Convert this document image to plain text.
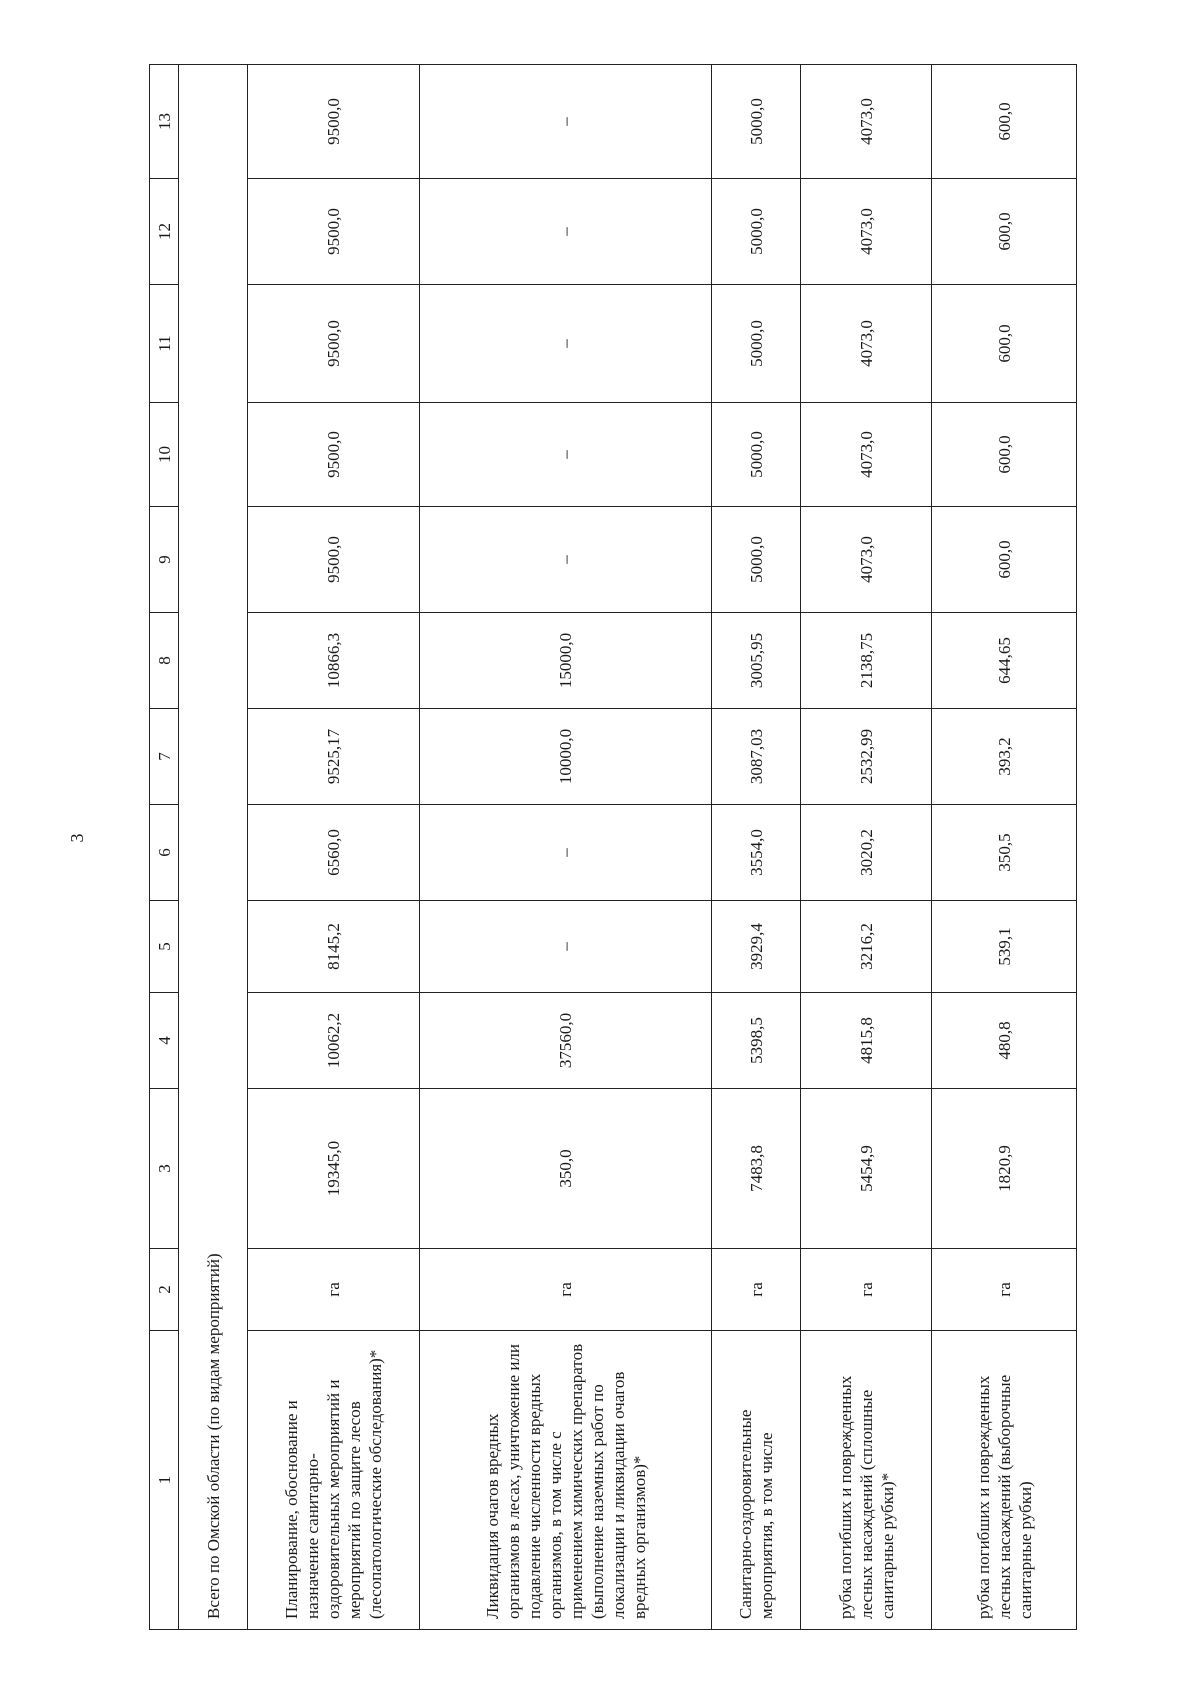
3
1	2	3	4	5	6	7	8	9	10	11	12	13
Всего по Омской области (по видам мероприятий)												
Планирование, обоснование и назначение санитарно-оздоровительных мероприятий и мероприятий по защите лесов (лесопатологические обследования)*	га	19345,0	10062,2	8145,2	6560,0	9525,17	10866,3	9500,0	9500,0	9500,0	9500,0	9500,0
Ликвидация очагов вредных организмов в лесах, уничтожение или подавление численности вредных организмов, в том числе с применением химических препаратов (выполнение наземных работ по локализации и ликвидации очагов вредных организмов)*	га	350,0	37560,0	–	–	10000,0	15000,0	–	–	–	–	–
Санитарно-оздоровительные мероприятия, в том числе	га	7483,8	5398,5	3929,4	3554,0	3087,03	3005,95	5000,0	5000,0	5000,0	5000,0	5000,0
рубка погибших и поврежденных лесных насаждений (сплошные санитарные рубки)*	га	5454,9	4815,8	3216,2	3020,2	2532,99	2138,75	4073,0	4073,0	4073,0	4073,0	4073,0
рубка погибших и поврежденных лесных насаждений (выборочные санитарные рубки)	га	1820,9	480,8	539,1	350,5	393,2	644,65	600,0	600,0	600,0	600,0	600,0
